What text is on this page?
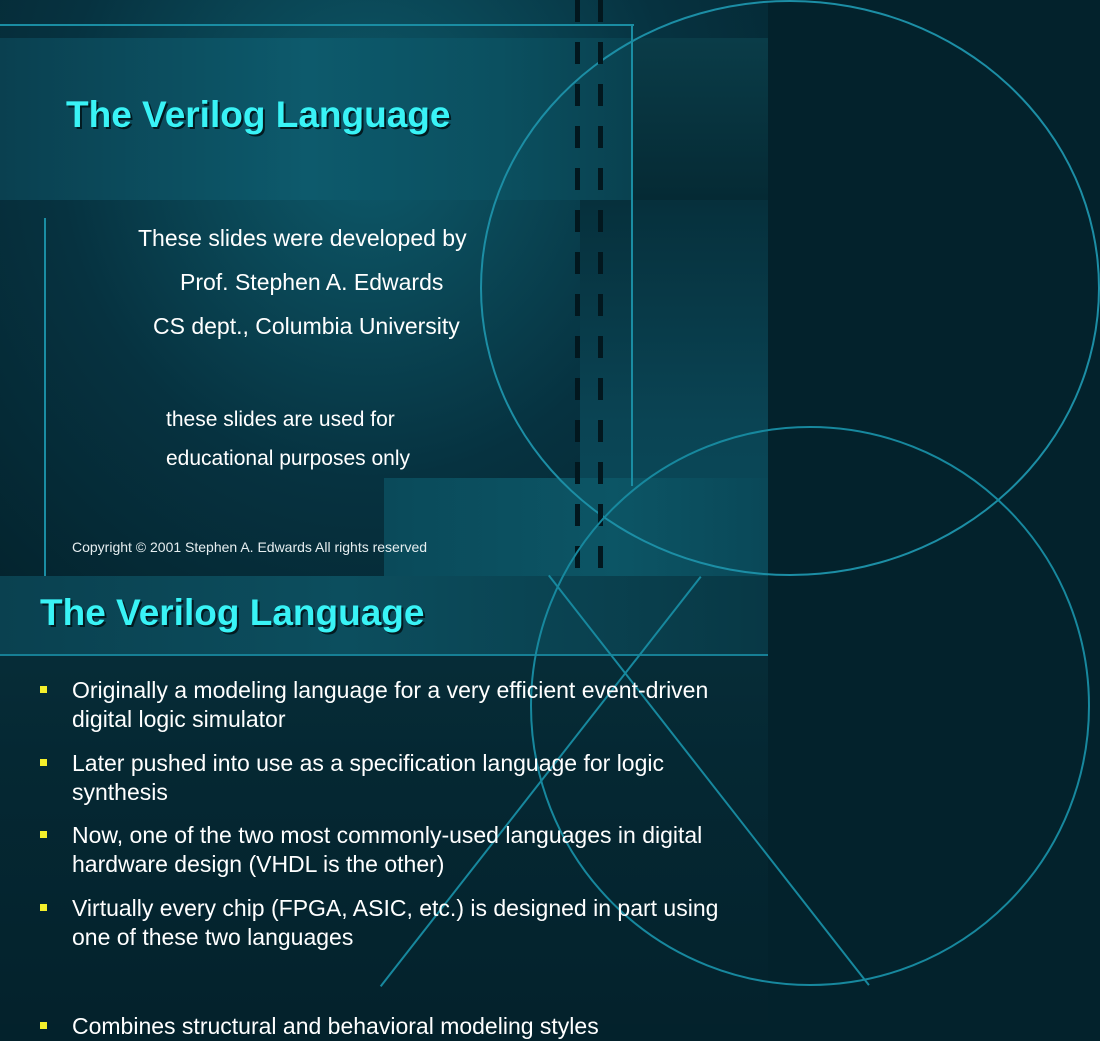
The Verilog Language
These slides were developed by
Prof. Stephen A. Edwards
CS dept., Columbia University
these slides are used for
educational purposes only
Copyright © 2001 Stephen A. Edwards All rights reserved
The Verilog Language
Originally a modeling language for a very efficient event-driven digital logic simulator
Later pushed into use as a specification language for logic synthesis
Now, one of the two most commonly-used languages in digital hardware design (VHDL is the other)
Virtually every chip (FPGA, ASIC, etc.) is designed in part using one of these two languages
Combines structural and behavioral modeling styles
